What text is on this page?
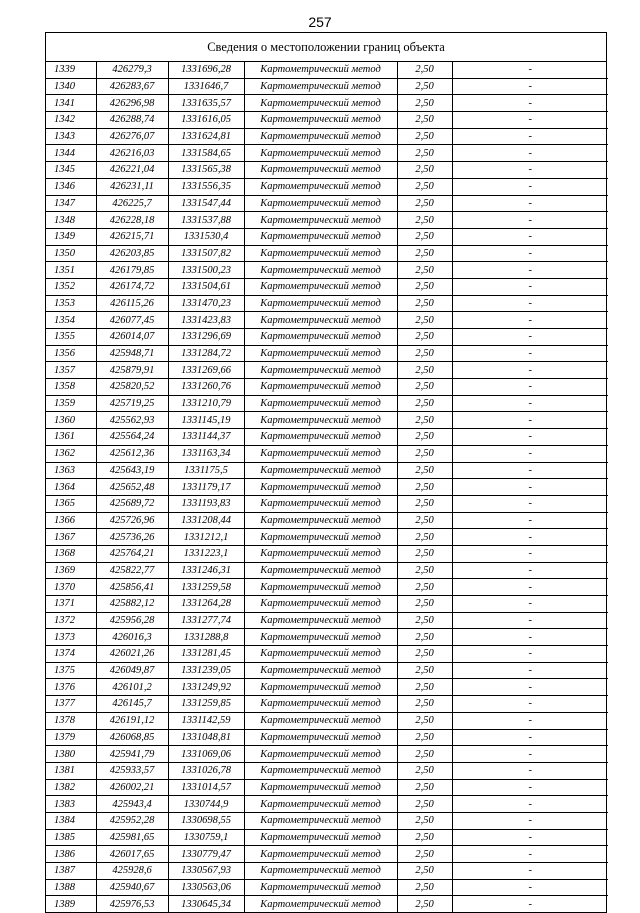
257
Сведения о местоположении границ объекта
1339	426279,3	1331696,28	Картометрический метод	2,50	-
1340	426283,67	1331646,7	Картометрический метод	2,50	-
1341	426296,98	1331635,57	Картометрический метод	2,50	-
1342	426288,74	1331616,05	Картометрический метод	2,50	-
1343	426276,07	1331624,81	Картометрический метод	2,50	-
1344	426216,03	1331584,65	Картометрический метод	2,50	-
1345	426221,04	1331565,38	Картометрический метод	2,50	-
1346	426231,11	1331556,35	Картометрический метод	2,50	-
1347	426225,7	1331547,44	Картометрический метод	2,50	-
1348	426228,18	1331537,88	Картометрический метод	2,50	-
1349	426215,71	1331530,4	Картометрический метод	2,50	-
1350	426203,85	1331507,82	Картометрический метод	2,50	-
1351	426179,85	1331500,23	Картометрический метод	2,50	-
1352	426174,72	1331504,61	Картометрический метод	2,50	-
1353	426115,26	1331470,23	Картометрический метод	2,50	-
1354	426077,45	1331423,83	Картометрический метод	2,50	-
1355	426014,07	1331296,69	Картометрический метод	2,50	-
1356	425948,71	1331284,72	Картометрический метод	2,50	-
1357	425879,91	1331269,66	Картометрический метод	2,50	-
1358	425820,52	1331260,76	Картометрический метод	2,50	-
1359	425719,25	1331210,79	Картометрический метод	2,50	-
1360	425562,93	1331145,19	Картометрический метод	2,50	-
1361	425564,24	1331144,37	Картометрический метод	2,50	-
1362	425612,36	1331163,34	Картометрический метод	2,50	-
1363	425643,19	1331175,5	Картометрический метод	2,50	-
1364	425652,48	1331179,17	Картометрический метод	2,50	-
1365	425689,72	1331193,83	Картометрический метод	2,50	-
1366	425726,96	1331208,44	Картометрический метод	2,50	-
1367	425736,26	1331212,1	Картометрический метод	2,50	-
1368	425764,21	1331223,1	Картометрический метод	2,50	-
1369	425822,77	1331246,31	Картометрический метод	2,50	-
1370	425856,41	1331259,58	Картометрический метод	2,50	-
1371	425882,12	1331264,28	Картометрический метод	2,50	-
1372	425956,28	1331277,74	Картометрический метод	2,50	-
1373	426016,3	1331288,8	Картометрический метод	2,50	-
1374	426021,26	1331281,45	Картометрический метод	2,50	-
1375	426049,87	1331239,05	Картометрический метод	2,50	-
1376	426101,2	1331249,92	Картометрический метод	2,50	-
1377	426145,7	1331259,85	Картометрический метод	2,50	-
1378	426191,12	1331142,59	Картометрический метод	2,50	-
1379	426068,85	1331048,81	Картометрический метод	2,50	-
1380	425941,79	1331069,06	Картометрический метод	2,50	-
1381	425933,57	1331026,78	Картометрический метод	2,50	-
1382	426002,21	1331014,57	Картометрический метод	2,50	-
1383	425943,4	1330744,9	Картометрический метод	2,50	-
1384	425952,28	1330698,55	Картометрический метод	2,50	-
1385	425981,65	1330759,1	Картометрический метод	2,50	-
1386	426017,65	1330779,47	Картометрический метод	2,50	-
1387	425928,6	1330567,93	Картометрический метод	2,50	-
1388	425940,67	1330563,06	Картометрический метод	2,50	-
1389	425976,53	1330645,34	Картометрический метод	2,50	-
